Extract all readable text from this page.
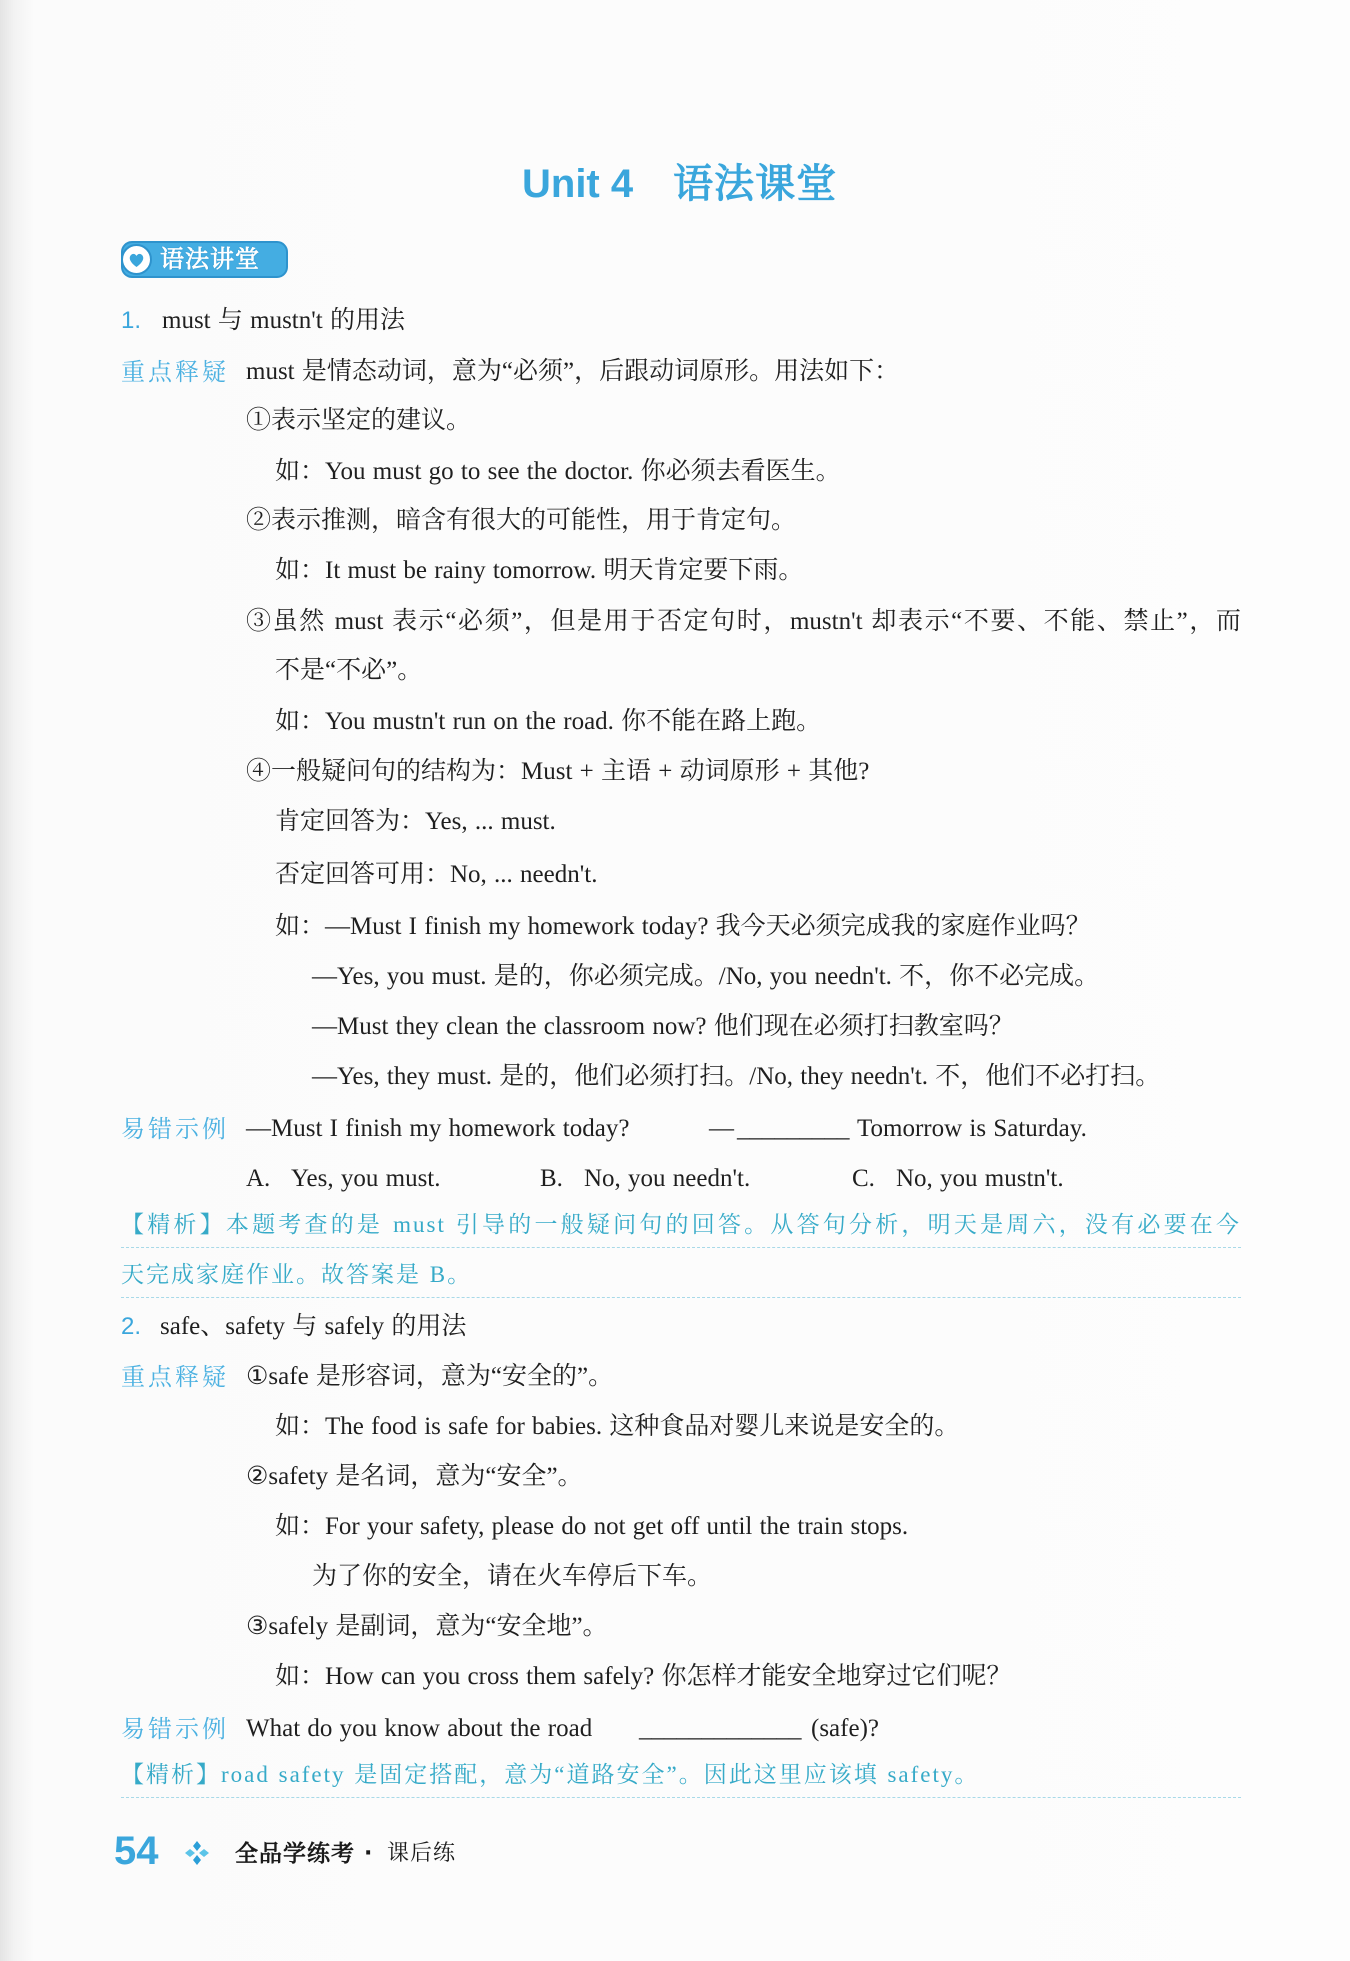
Unit 4 语法课堂
语法讲堂
1. must 与 mustn't 的用法
重点释疑 must 是情态动词，意为“必须”，后跟动词原形。用法如下：
①表示坚定的建议。
如：You must go to see the doctor. 你必须去看医生。
②表示推测，暗含有很大的可能性，用于肯定句。
如：It must be rainy tomorrow. 明天肯定要下雨。
③虽然 must 表示“必须”，但是用于否定句时，mustn't 却表示“不要、不能、禁止”，而
不是“不必”。
如：You mustn't run on the road. 你不能在路上跑。
④一般疑问句的结构为：Must + 主语 + 动词原形 + 其他?
肯定回答为：Yes, ... must.
否定回答可用：No, ... needn't.
如：—Must I finish my homework today? 我今天必须完成我的家庭作业吗？
—Yes, you must. 是的，你必须完成。/No, you needn't. 不，你不必完成。
—Must they clean the classroom now? 他们现在必须打扫教室吗？
—Yes, they must. 是的，他们必须打扫。/No, they needn't. 不，他们不必打扫。
易错示例 —Must I finish my homework today?	— _________ Tomorrow is Saturday.
A. Yes, you must.	B. No, you needn't.	C. No, you mustn't.
【精析】本题考查的是 must 引导的一般疑问句的回答。从答句分析，明天是周六，没有必要在今
天完成家庭作业。故答案是 B。
2. safe、safety 与 safely 的用法
重点释疑 ①safe 是形容词，意为“安全的”。
如：The food is safe for babies. 这种食品对婴儿来说是安全的。
②safety 是名词，意为“安全”。
如：For your safety, please do not get off until the train stops.
为了你的安全，请在火车停后下车。
③safely 是副词，意为“安全地”。
如：How can you cross them safely? 你怎样才能安全地穿过它们呢？
易错示例 What do you know about the road _____________ (safe)?
【精析】road safety 是固定搭配，意为“道路安全”。因此这里应该填 safety。
54	全品学练考 · 课后练
